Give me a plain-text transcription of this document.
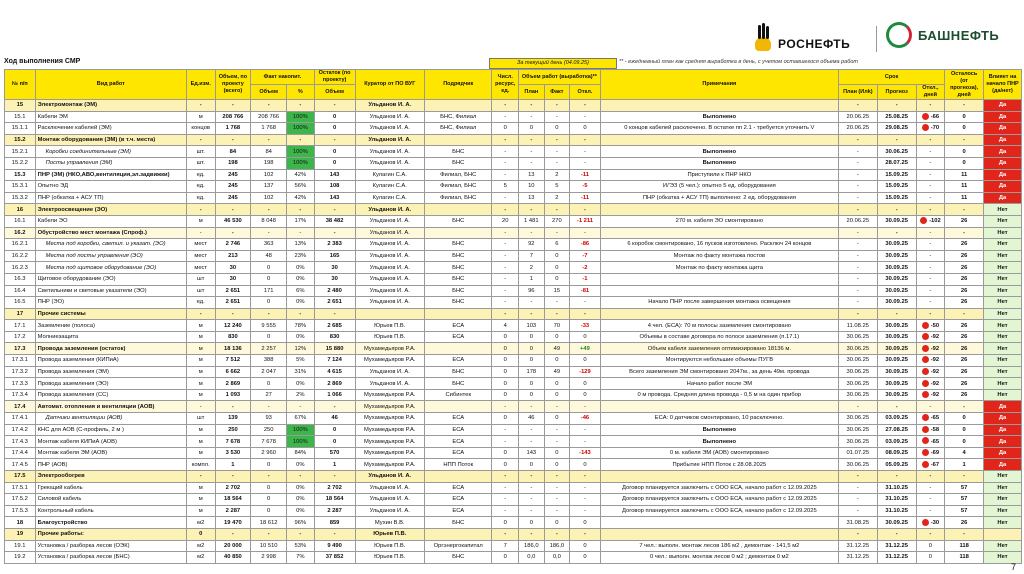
РОСНЕФТЬ
БАШНЕФТЬ
Ход выполнения СМР	За текущий день (04.09.25)	** - ежедневный план как средняя выработка в день, с учетом оставшегося объема работ
№ п/п	Вид работ	Ед.изм.	Объем, по проекту (всего)	Факт накопит.		Остаток (по проекту)	Куратор от ПО ВУГ	Подрядчик	Числ. ресурс, ед.	Объем работ (выработка)**			Примечания	Срок			Осталось (от прогноза), дней	Влияет на начало ПНР (да/нет)
				Объем	%	Объем				План	Факт	Откл.		План (Илk)	Прогноз	Откл., дней		
15	Электромонтаж (ЭМ)	-	-	-	-	-	Ульданов И. А.		-	-	-	-		-	-	-	-	Да
15.1	Кабели ЭМ	м	208 766	208 766	100%	0	Ульданов И. А.	БНС, Филиал	-	-	-	-	Выполнено	20.06.25	25.08.25	-66	0	Да
15.1.1	Расключение кабелей (ЭМ)	концов	1 768	1 768	100%	0	Ульданов И. А.	БНС, Филиал	0	0	0	0	0 концов кабелей расключено. В остатке пп 2.1 - требуется уточнить V	20.06.25	29.08.25	-70	0	Да
15.2	Монтаж оборудования (ЭМ) (в т.ч. места)	-	-	-	-	-	Ульданов И. А.		-	-	-	-		-	-	-	-	Да
15.2.1	Коробки соединительные (ЭМ)	шт.	84	84	100%	0	Ульданов И. А.	БНС	-	-	-	-	Выполнено	-	30.06.25	-	0	Да
15.2.2	Посты управления (ЭМ)	шт.	198	198	100%	0	Ульданов И. А.	БНС	-	-	-	-	Выполнено	-	28.07.25	-	0	Да
15.3	ПНР (ЭМ) (НКО,АВО,вентиляция,эл.задвижки)	ед.	245	102	42%	143	Кулагин С.А.	Филиал, БНС	-	13	2	-11	Приступили к ПНР НКО	-	15.09.25	-	11	Да
15.3.1	Опытно ЭД	ед.	245	137	56%	108	Кулагин С.А.	Филиал, БНС	5	10	5	-5	И/'ЭЗ (5 чел.): опытно 5 ед. оборудования	-	15.09.25	-	11	Да
15.3.2	ПНР (обкатка + АСУ ТП)	ед.	245	102	42%	143	Кулагин С.А.	Филиал, БНС	-	13	2	-11	ПНР (обкатка + АСУ ТП) выполнено: 2 ед. оборудования	-	15.09.25	-	11	Да
16	Электроосвещение (ЭО)	-	-	-	-	-	Ульданов И. А.		-	-	-	-		-	-	-	-	Нет
16.1	Кабели ЭО	м	46 530	8 048	17%	38 482	Ульданов И. А.	БНС	20	1 481	270	-1 211	270 м. кабеля ЭО смонтировано	20.06.25	30.09.25	-102	26	Нет
16.2	Обустройство мест монтажа (Спроф.)	-	-	-	-	-	Ульданов И. А.		-	-	-	-		-	-	-	-	Нет
16.2.1	Места под коробки, светил. и указат. (ЭО)	мест	2 746	363	13%	2 383	Ульданов И. А.	БНС	-	92	6	-86	6 коробок смонтировано, 16 пусков изготовлено. Расключ 24 концов	-	30.09.25	-	26	Нет
16.2.2	Места под посты управления (ЭО)	мест	213	48	23%	165	Ульданов И. А.	БНС	-	7	0	-7	Монтаж по факту монтажа постов	-	30.09.25	-	26	Нет
16.2.3	Места под щитовое оборудование (ЭО)	мест	30	0	0%	30	Ульданов И. А.	БНС	-	2	0	-2	Монтаж по факту монтажа щита	-	30.09.25	-	26	Нет
16.3	Щитовое оборудование (ЭО)	шт	30	0	0%	30	Ульданов И. А.	БНС	-	1	0	-1		-	30.09.25	-	26	Нет
16.4	Светильники и световые указатели (ЭО)	шт	2 651	171	6%	2 480	Ульданов И. А.	БНС	-	96	15	-81		-	30.09.25	-	26	Нет
16.5	ПНР (ЭО)	ед.	2 651	0	0%	2 651	Ульданов И. А.	БНС	-	-	-	-	Начало ПНР после завершения монтажа освещения	-	30.09.25	-	26	Нет
17	Прочие системы	-	-	-	-	-			-	-	-	-		-	-	-	-	Нет
17.1	Заземление (полоса)	м	12 240	9 555	78%	2 685	Юрьев П.В.	ЕСА	4	103	70	-33	4 чел. (ЕСА): 70 м полосы заземления смонтировано	11.08.25	30.09.25	-50	26	Нет
17.2	Молниезащита	м	830	0	0%	830	Юрьев П.В.	ЕСА	0	0	0	0	Объемы в составе договора по полосе заземления (п.17.1)	30.06.25	30.09.25	-92	26	Нет
17.3	Провода заземления (остаток)	м	18 136	2 257	12%	15 880	Мухамедьяров Р.А.		0	0	49	+49	Объем кабеля заземления оптимизировано 18136 м.	30.06.25	30.09.25	-92	26	Нет
17.3.1	Провода заземления (КИПиА)	м	7 512	388	5%	7 124	Мухамедьяров Р.А.	ЕСА	0	0	0	0	Монтируются небольшие объемы ПУГВ	30.06.25	30.09.25	-92	26	Нет
17.3.2	Провода заземления (ЭМ)	м	6 662	2 047	31%	4 615	Ульданов И. А.	БНС	0	178	49	-129	Всего заземления ЭМ смонтировано 2047м., за день 49м. провода	30.06.25	30.09.25	-92	26	Нет
17.3.3	Провода заземления (ЭО)	м	2 869	0	0%	2 869	Ульданов И. А.	БНС	0	0	0	0	Начало работ после ЭМ	30.06.25	30.09.25	-92	26	Нет
17.3.4	Провода заземления (СС)	м	1 093	27	2%	1 066	Мухамедьяров Р.А.	Сибинтек	0	0	0	0	0 м провода. Средняя длина провода - 0,5 м на один прибор	30.06.25	30.09.25	-92	26	Нет
17.4	Автомат. отопления и вентиляции (АОВ)	-	-	-	-	-	Мухамедьяров Р.А.		-	-	-	-		-	-	-	-	Да
17.4.1	Датчики вентиляции (АОВ)	шт	139	93	67%	46	Мухамедьяров Р.А.	ЕСА	0	46	0	-46	ЕСА: 0 датчиков смонтировано, 10 расключено.	30.06.25	03.09.25	-65	0	Да
17.4.2	КНС для АОВ (С-профиль, 2 м )	м	250	250	100%	0	Мухамедьяров Р.А.	ЕСА	-	-	-	-	Выполнено	30.06.25	27.08.25	-58	0	Да
17.4.3	Монтаж кабеля КИПиА (АОВ)	м	7 678	7 678	100%	0	Мухамедьяров Р.А.	ЕСА	-	-	-	-	Выполнено	30.06.25	03.09.25	-65	0	Да
17.4.4	Монтаж кабеля ЭМ (АОВ)	м	3 530	2 960	84%	570	Мухамедьяров Р.А.	ЕСА	0	143	0	-143	0 м. кабеля ЭМ (АОВ) смонтировано	01.07.25	08.09.25	-69	4	Да
17.4.5	ПНР (АОВ)	компл.	1	0	0%	1	Мухамедьяров Р.А.	НПП Поток	0	0	0	0	Прибытие НПП Поток с 28.08.2025	30.06.25	05.09.25	-67	1	Да
17.5	Электрообогрев	-	-	-	-	-	Ульданов И. А.		-	-	-	-		-	-	-	-	Нет
17.5.1	Греющий кабель	м	2 702	0	0%	2 702	Ульданов И. А.	ЕСА	-	-	-	-	Договор планируется заключить с ООО ЕСА, начало работ с 12.09.2025	-	31.10.25	-	57	Нет
17.5.2	Силовой кабель	м	18 564	0	0%	18 564	Ульданов И. А.	ЕСА	-	-	-	-	Договор планируется заключить с ООО ЕСА, начало работ с 12.09.2025	-	31.10.25	-	57	Нет
17.5.3	Контрольный кабель	м	2 287	0	0%	2 287	Ульданов И. А.	ЕСА	-	-	-	-	Договор планируется заключить с ООО ЕСА, начало работ с 12.09.2025	-	31.10.25	-	57	Нет
18	Благоустройство	м2	19 470	18 612	96%	859	Мухин В.В.	БНС	0	0	0	0		31.08.25	30.09.25	-30	26	Нет
19	Прочие работы:	0	-	-	-	-	Юрьев П.В.		-	-	-	-		-	-	-	-	
19.1	Установка / разборка лесов (ОЭК)	м2	20 000	10 510	53%	9 490	Юрьев П.В.	Оргэнергокапитал	7	186,0	186,0	0	7 чел.: выполн. монтаж лесов 186 м2 , демонтаж - 141,5 м2	31.12.25	31.12.25	0	118	Нет
19.2	Установка / разборка лесов (БНС)	м2	40 850	2 998	7%	37 852	Юрьев П.В.	БНС	0	0,0	0,0	0	0 чел.: выполн. монтаж лесов 0 м2 ; демонтаж 0 м2	31.12.25	31.12.25	0	118	Нет
7
